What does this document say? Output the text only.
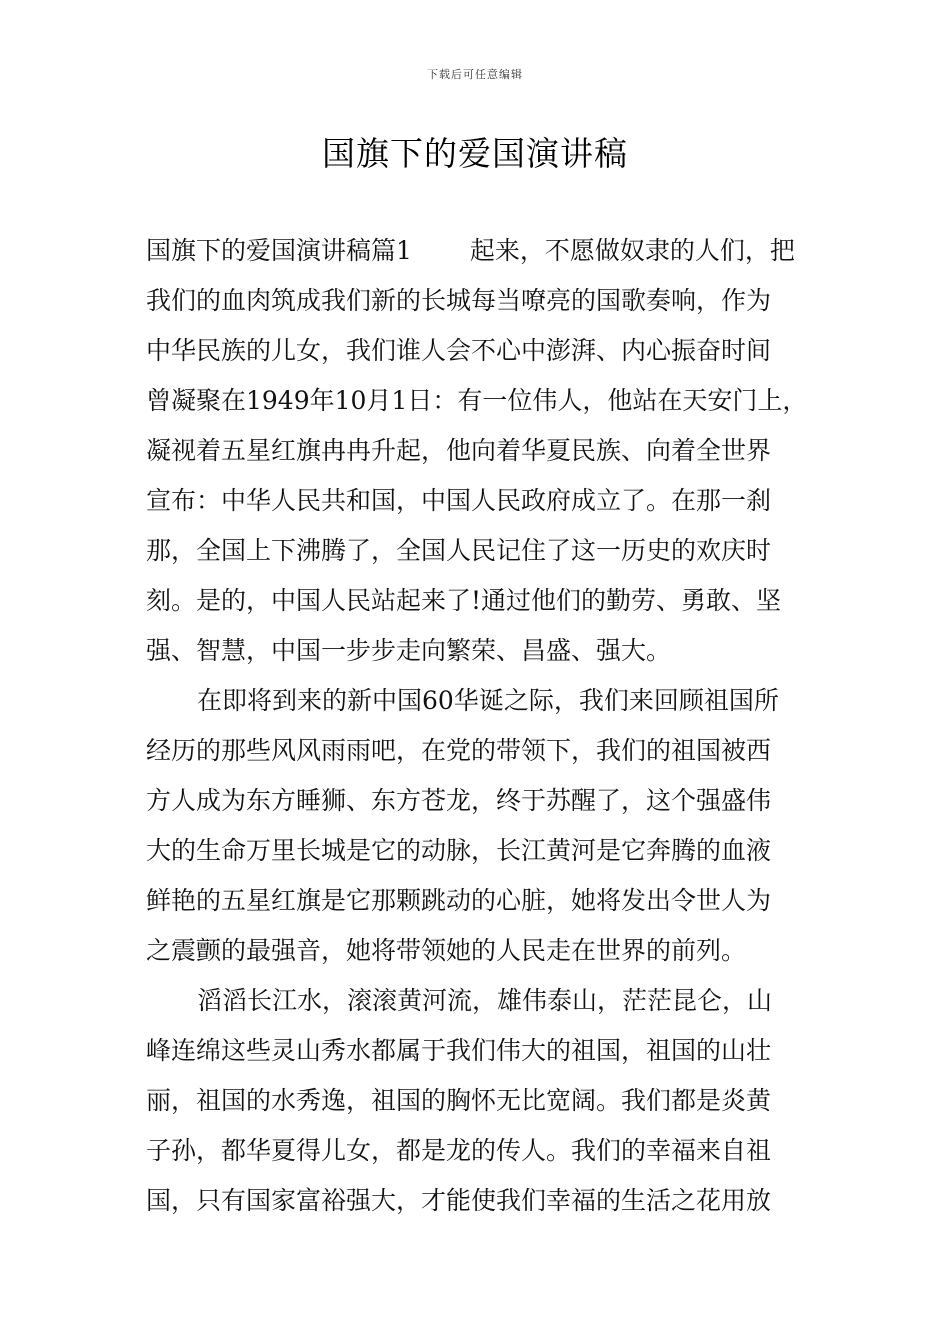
下载后可任意编辑
国旗下的爱国演讲稿
国旗下的爱国演讲稿篇1 起来，不愿做奴隶的人们，把
我们的血肉筑成我们新的长城每当嘹亮的国歌奏响，作为
中华民族的儿女，我们谁人会不心中澎湃、内心振奋时间
曾凝聚在1949年10月1日：有一位伟人，他站在天安门上，
凝视着五星红旗冉冉升起，他向着华夏民族、向着全世界
宣布：中华人民共和国，中国人民政府成立了。在那一刹
那，全国上下沸腾了，全国人民记住了这一历史的欢庆时
刻。是的，中国人民站起来了!通过他们的勤劳、勇敢、坚
强、智慧，中国一步步走向繁荣、昌盛、强大。
在即将到来的新中国60华诞之际，我们来回顾祖国所
经历的那些风风雨雨吧，在党的带领下，我们的祖国被西
方人成为东方睡狮、东方苍龙，终于苏醒了，这个强盛伟
大的生命万里长城是它的动脉，长江黄河是它奔腾的血液
鲜艳的五星红旗是它那颗跳动的心脏，她将发出令世人为
之震颤的最强音，她将带领她的人民走在世界的前列。
滔滔长江水，滚滚黄河流，雄伟泰山，茫茫昆仑，山
峰连绵这些灵山秀水都属于我们伟大的祖国，祖国的山壮
丽，祖国的水秀逸，祖国的胸怀无比宽阔。我们都是炎黄
子孙，都华夏得儿女，都是龙的传人。我们的幸福来自祖
国，只有国家富裕强大，才能使我们幸福的生活之花用放
